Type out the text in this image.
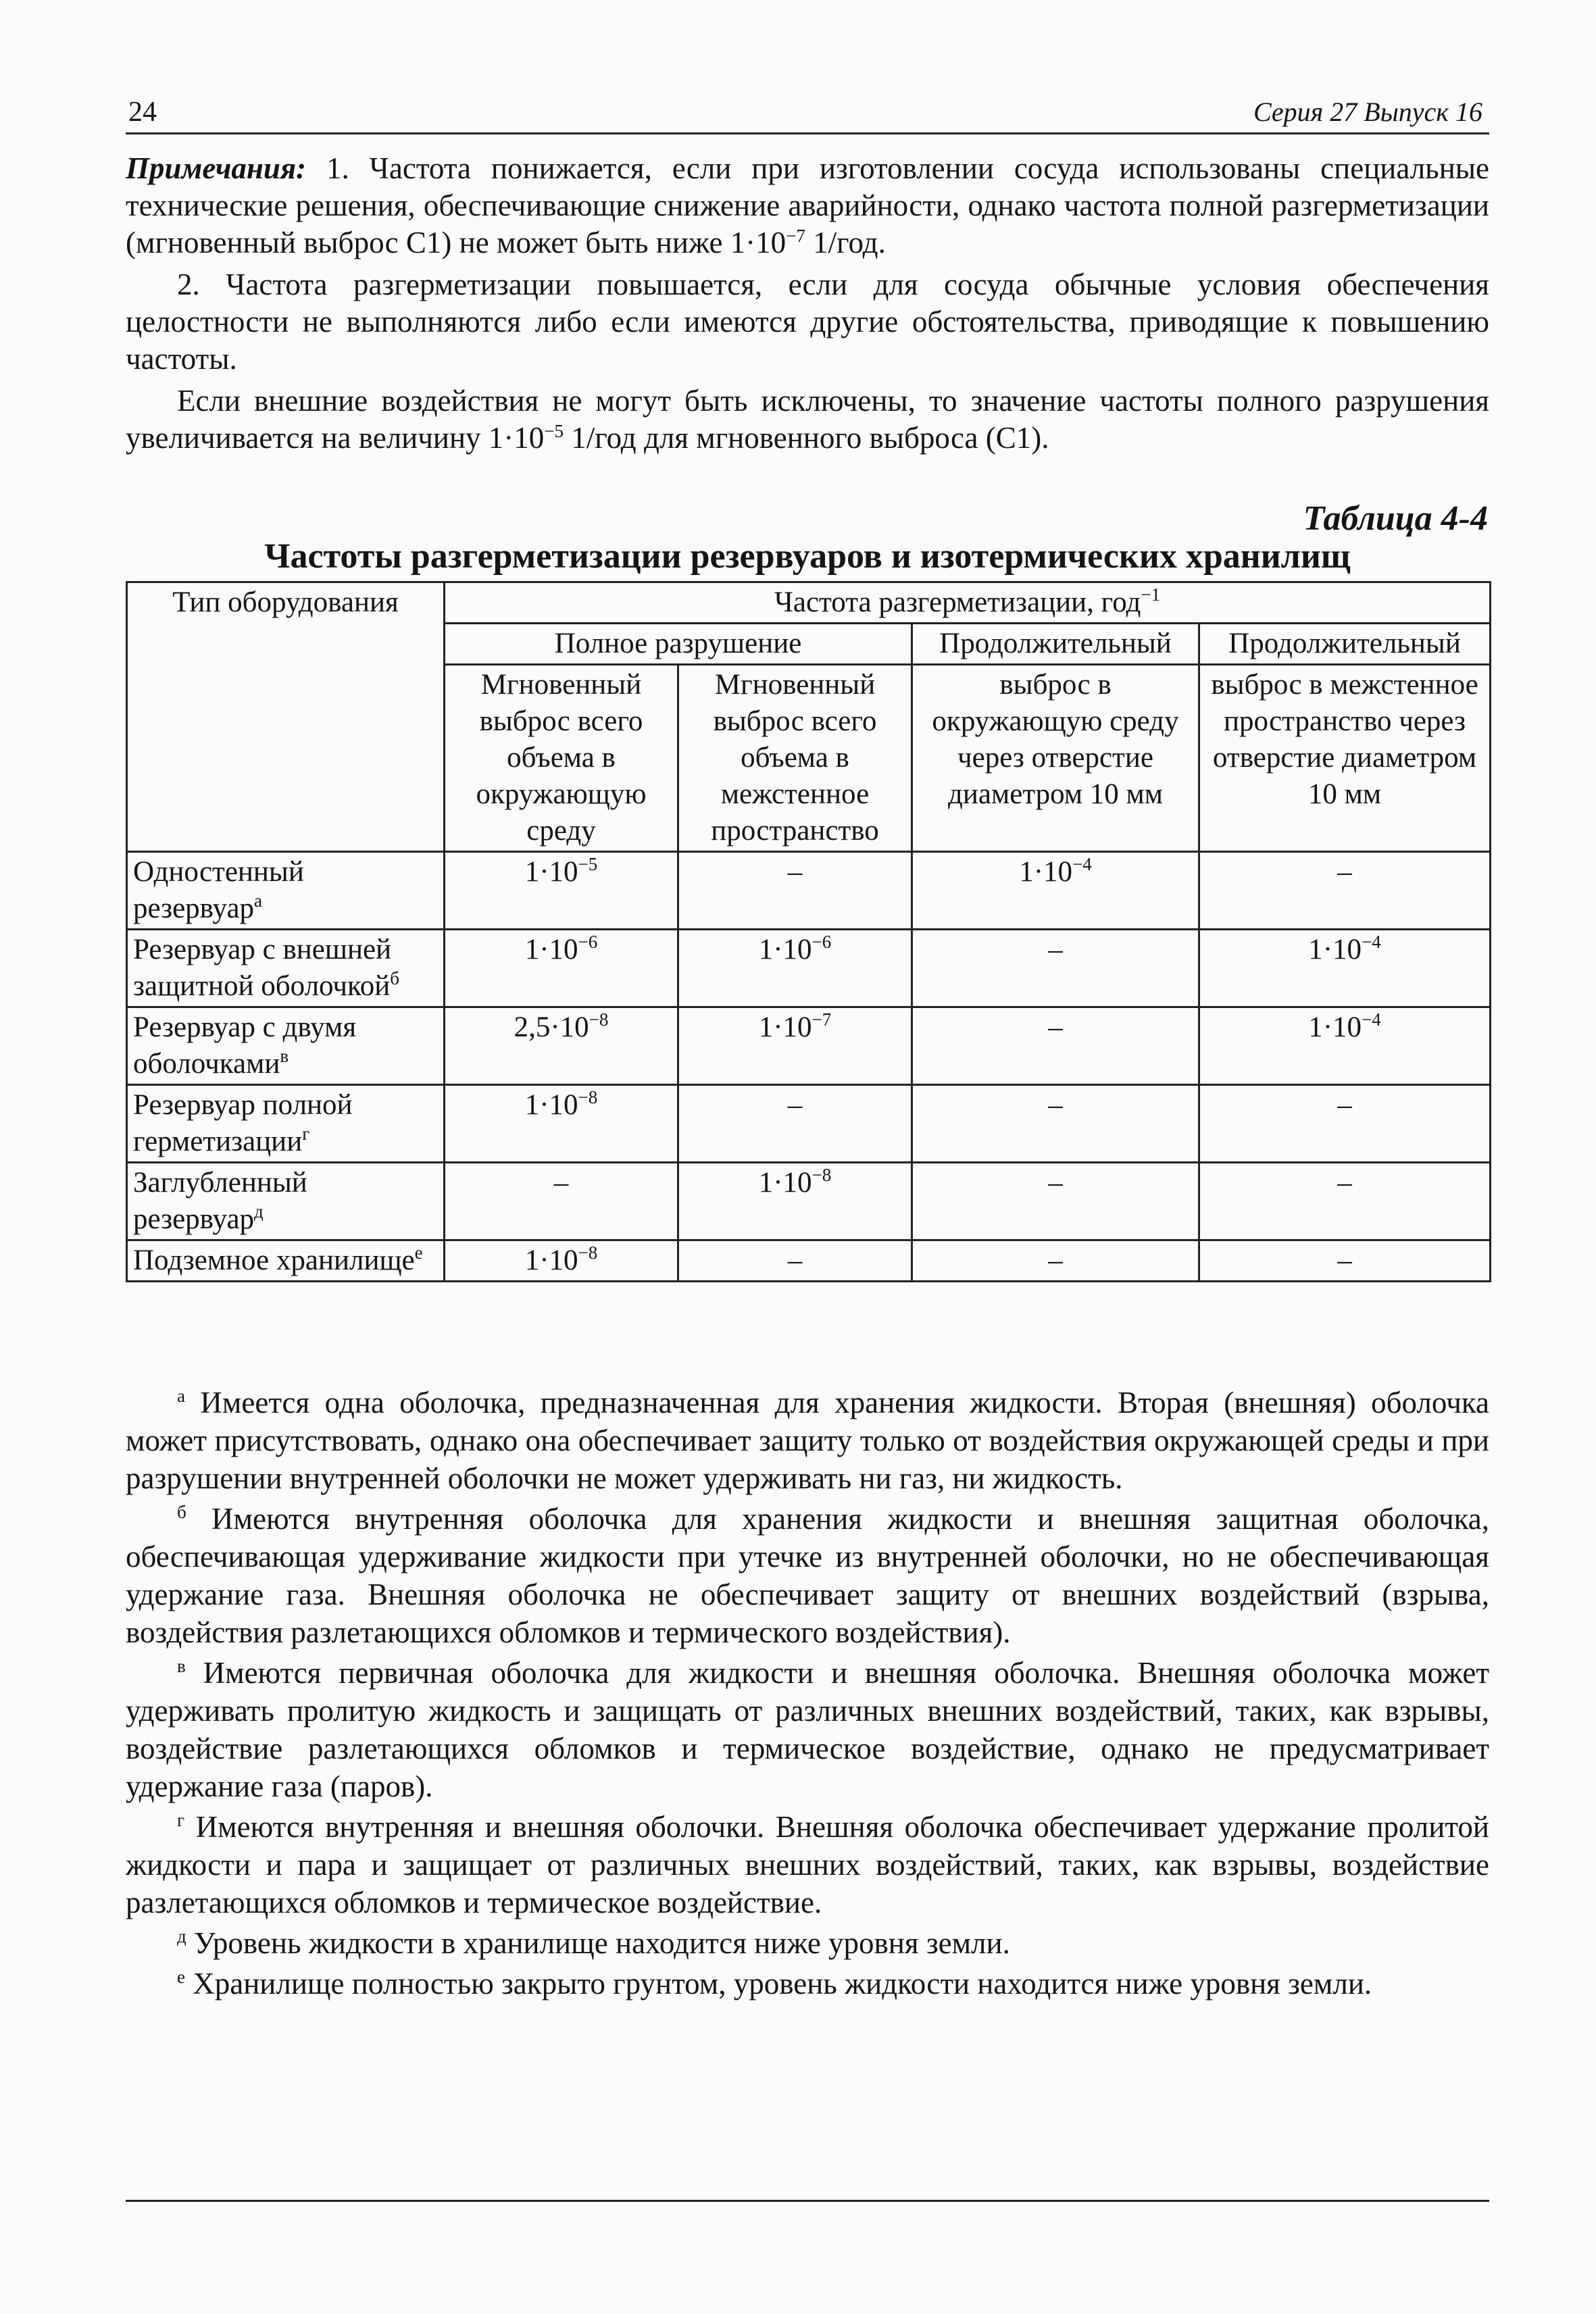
24	Серия 27 Выпуск 16
Примечания: 1. Частота понижается, если при изготовлении сосуда использованы специальные технические решения, обеспечивающие снижение аварийности, однако частота полной разгерметизации (мгновенный выброс С1) не может быть ниже $1\cdot 10^{-7}$ 1/год.
2. Частота разгерметизации повышается, если для сосуда обычные условия обеспечения целостности не выполняются либо если имеются другие обстоятельства, приводящие к повышению частоты.
Если внешние воздействия не могут быть исключены, то значение частоты полного разрушения увеличивается на величину $1\cdot 10^{-5}$ 1/год для мгновенного выброса (С1).
Таблица 4-4
Частоты разгерметизации резервуаров и изотермических хранилищ
Тип оборудования	Частота разгерметизации, год$^{-1}$
	Полное разрушение		Продолжительный	Продолжительный
	Мгновенный выброс всего объема в окружающую среду	Мгновенный выброс всего объема в межстенное пространство	выброс в окружающую среду через отверстие диаметром 10 мм	выброс в межстенное пространство через отверстие диаметром 10 мм
Одностенный резервуар$^а$	$1\cdot 10^{-5}$	–	$1\cdot 10^{-4}$	–
Резервуар с внешней защитной оболочкой$^б$	$1\cdot 10^{-6}$	$1\cdot 10^{-6}$	–	$1\cdot 10^{-4}$
Резервуар с двумя оболочками$^в$	$2,5\cdot 10^{-8}$	$1\cdot 10^{-7}$	–	$1\cdot 10^{-4}$
Резервуар полной герметизации$^г$	$1\cdot 10^{-8}$	–	–	–
Заглубленный резервуар$^д$	–	$1\cdot 10^{-8}$	–	–
Подземное хранилище$^е$	$1\cdot 10^{-8}$	–	–	–

$^а$ Имеется одна оболочка, предназначенная для хранения жидкости. Вторая (внешняя) оболочка может присутствовать, однако она обеспечивает защиту только от воздействия окружающей среды и при разрушении внутренней оболочки не может удерживать ни газ, ни жидкость.

$^б$ Имеются внутренняя оболочка для хранения жидкости и внешняя защитная оболочка, обеспечивающая удерживание жидкости при утечке из внутренней оболочки, но не обеспечивающая удержание газа. Внешняя оболочка не обеспечивает защиту от внешних воздействий (взрыва, воздействия разлетающихся обломков и термического воздействия).

$^в$ Имеются первичная оболочка для жидкости и внешняя оболочка. Внешняя оболочка может удерживать пролитую жидкость и защищать от различных внешних воздействий, таких, как взрывы, воздействие разлетающихся обломков и термическое воздействие, однако не предусматривает удержание газа (паров).

$^г$ Имеются внутренняя и внешняя оболочки. Внешняя оболочка обеспечивает удержание пролитой жидкости и пара и защищает от различных внешних воздействий, таких, как взрывы, воздействие разлетающихся обломков и термическое воздействие.

$^д$ Уровень жидкости в хранилище находится ниже уровня земли.

$^е$ Хранилище полностью закрыто грунтом, уровень жидкости находится ниже уровня земли.
